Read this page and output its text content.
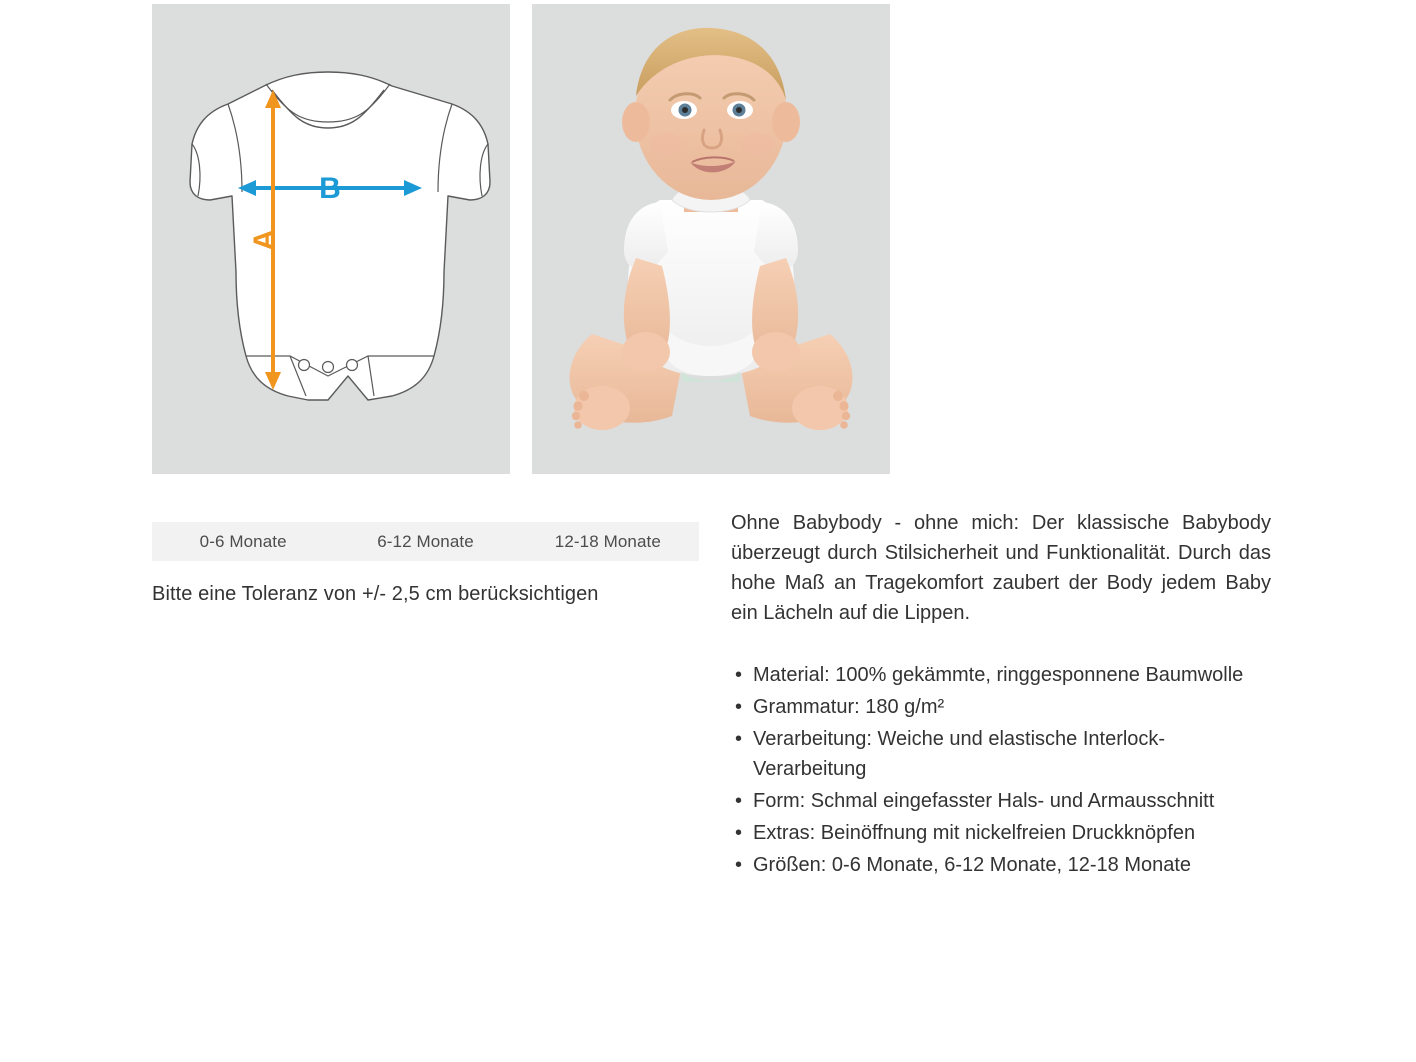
B
A
0-6 Monate	6-12 Monate	12-18 Monate
Bitte eine Toleranz von +/- 2,5 cm berücksichtigen

Ohne Babybody - ohne mich: Der klassische Babybody überzeugt durch Stilsicherheit und Funktionalität. Durch das hohe Maß an Tragekomfort zaubert der Body jedem Baby ein Lächeln auf die Lippen.

• Material: 100% gekämmte, ringgesponnene Baumwolle
• Grammatur: 180 g/m²
• Verarbeitung: Weiche und elastische Interlock-Verarbeitung
• Form: Schmal eingefasster Hals- und Armausschnitt
• Extras: Beinöffnung mit nickelfreien Druckknöpfen
• Größen: 0-6 Monate, 6-12 Monate, 12-18 Monate
